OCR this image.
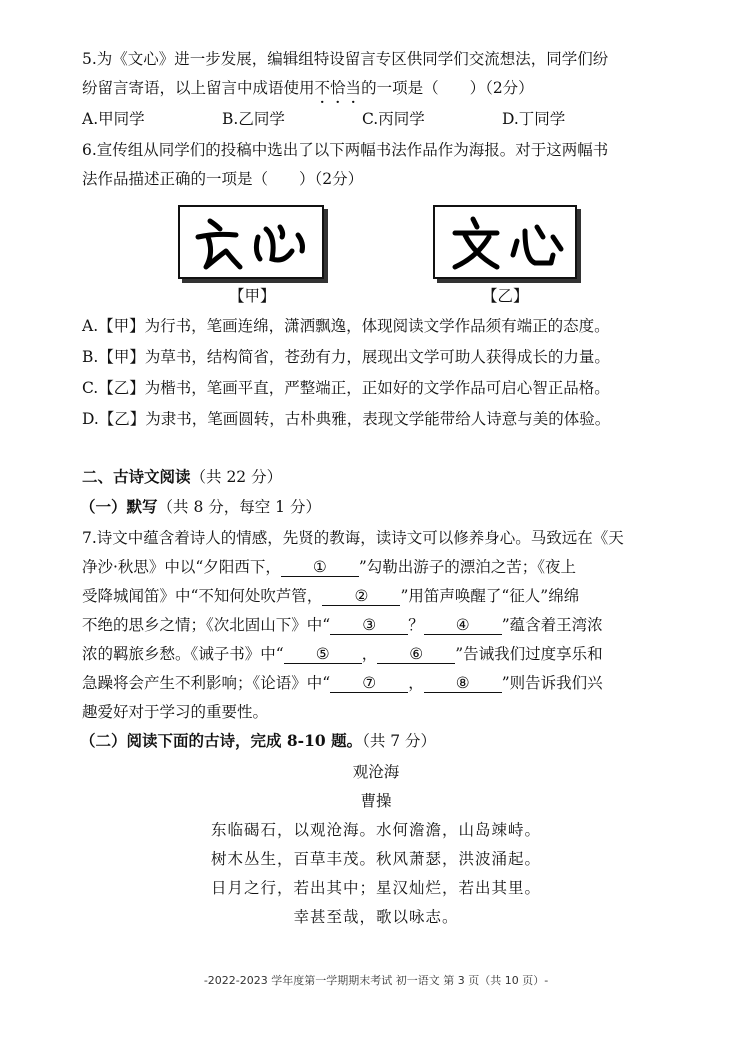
5.为《文心》进一步发展，编辑组特设留言专区供同学们交流想法，同学们纷
纷留言寄语，以上留言中成语使用不恰当的一项是（　　）（2分）
A.甲同学	B.乙同学	C.丙同学	D.丁同学
6.宣传组从同学们的投稿中选出了以下两幅书法作品作为海报。对于这两幅书
法作品描述正确的一项是（　　）（2分）
【甲】	【乙】
A.【甲】为行书，笔画连绵，潇洒飘逸，体现阅读文学作品须有端正的态度。
B.【甲】为草书，结构简省，苍劲有力，展现出文学可助人获得成长的力量。
C.【乙】为楷书，笔画平直，严整端正，正如好的文学作品可启心智正品格。
D.【乙】为隶书，笔画圆转，古朴典雅，表现文学能带给人诗意与美的体验。
二、古诗文阅读（共 22 分）
（一）默写（共 8 分，每空 1 分）
7.诗文中蕴含着诗人的情感，先贤的教诲，读诗文可以修养身心。马致远在《天
净沙·秋思》中以“夕阳西下， ① ”勾勒出游子的漂泊之苦；《夜上
受降城闻笛》中“不知何处吹芦管， ② ”用笛声唤醒了“征人”绵绵
不绝的思乡之情；《次北固山下》中“ ③ ？ ④ ”蕴含着王湾浓
浓的羁旅乡愁。《诫子书》中“ ⑤ ， ⑥ ”告诫我们过度享乐和
急躁将会产生不利影响；《论语》中“ ⑦ ， ⑧ ”则告诉我们兴
趣爱好对于学习的重要性。
（二）阅读下面的古诗，完成 8-10 题。（共 7 分）
观沧海
曹操
东临碣石，以观沧海。水何澹澹，山岛竦峙。
树木丛生，百草丰茂。秋风萧瑟，洪波涌起。
日月之行，若出其中；星汉灿烂，若出其里。
幸甚至哉，歌以咏志。
-2022-2023 学年度第一学期期末考试 初一语文 第 3 页（共 10 页）-
